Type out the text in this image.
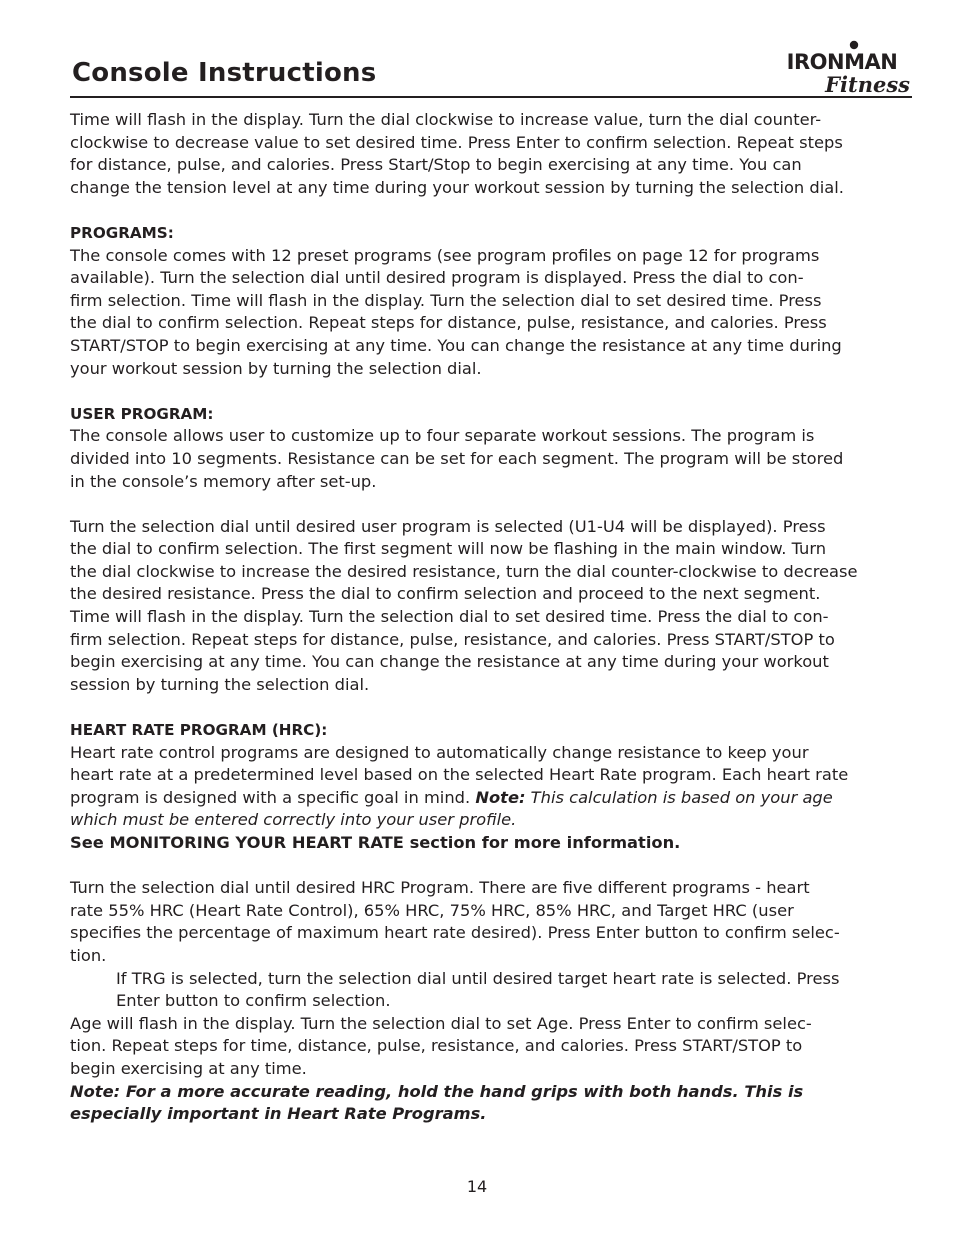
Console Instructions	IRONMAN
Fitness

Time will flash in the display. Turn the dial clockwise to increase value, turn the dial counter-

clockwise to decrease value to set desired time. Press Enter to confirm selection. Repeat steps

for distance, pulse, and calories. Press Start/Stop to begin exercising at any time. You can

change the tension level at any time during your workout session by turning the selection dial.

PROGRAMS:

The console comes with 12 preset programs (see program profiles on page 12 for programs

available). Turn the selection dial until desired program is displayed. Press the dial to con-

firm selection. Time will flash in the display. Turn the selection dial to set desired time. Press

the dial to confirm selection. Repeat steps for distance, pulse, resistance, and calories. Press

START/STOP to begin exercising at any time. You can change the resistance at any time during

your workout session by turning the selection dial.

USER PROGRAM:

The console allows user to customize up to four separate workout sessions. The program is

divided into 10 segments. Resistance can be set for each segment. The program will be stored

in the console’s memory after set-up.

Turn the selection dial until desired user program is selected (U1-U4 will be displayed). Press

the dial to confirm selection. The first segment will now be flashing in the main window. Turn

the dial clockwise to increase the desired resistance, turn the dial counter-clockwise to decrease

the desired resistance. Press the dial to confirm selection and proceed to the next segment.

Time will flash in the display. Turn the selection dial to set desired time. Press the dial to con-

firm selection. Repeat steps for distance, pulse, resistance, and calories. Press START/STOP to

begin exercising at any time. You can change the resistance at any time during your workout

session by turning the selection dial.

HEART RATE PROGRAM (HRC):

Heart rate control programs are designed to automatically change resistance to keep your

heart rate at a predetermined level based on the selected Heart Rate program. Each heart rate

program is designed with a specific goal in mind. Note: This calculation is based on your age

which must be entered correctly into your user profile.

See MONITORING YOUR HEART RATE section for more information.

Turn the selection dial until desired HRC Program. There are five different programs - heart

rate 55% HRC (Heart Rate Control), 65% HRC, 75% HRC, 85% HRC, and Target HRC (user

specifies the percentage of maximum heart rate desired). Press Enter button to confirm selec-

tion.

If TRG is selected, turn the selection dial until desired target heart rate is selected. Press

Enter button to confirm selection.

Age will flash in the display. Turn the selection dial to set Age. Press Enter to confirm selec-

tion. Repeat steps for time, distance, pulse, resistance, and calories. Press START/STOP to

begin exercising at any time.

Note: For a more accurate reading, hold the hand grips with both hands. This is

especially important in Heart Rate Programs.

14
